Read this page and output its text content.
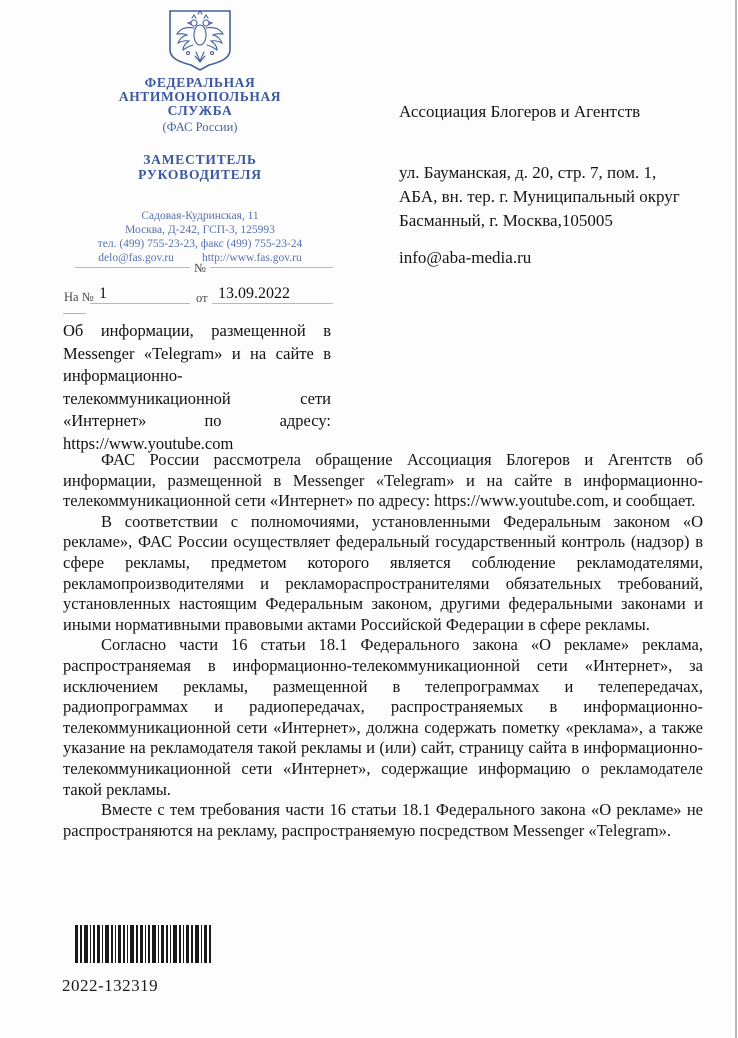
ФЕДЕРАЛЬНАЯ
АНТИМОНОПОЛЬНАЯ
СЛУЖБА
(ФАС России)
ЗАМЕСТИТЕЛЬ
РУКОВОДИТЕЛЯ
Садовая-Кудринская, 11
Москва, Д-242, ГСП-3, 125993
тел. (499) 755-23-23, факс (499) 755-23-24
delo@fas.gov.ru http://www.fas.gov.ru
Ассоциация Блогеров и Агентств
ул. Бауманская, д. 20, стр. 7, пом. 1,
АБА, вн. тер. г. Муниципальный округ
Басманный, г. Москва,105005
info@aba-media.ru
№
На № 1	от 13.09.2022
Об информации, размещенной в Messenger «Telegram» и на сайте в информационно-телекоммуникационной сети «Интернет» по адресу: https://www.youtube.com

ФАС России рассмотрела обращение Ассоциация Блогеров и Агентств об информации, размещенной в Messenger «Telegram» и на сайте в информационно-телекоммуникационной сети «Интернет» по адресу: https://www.youtube.com, и сообщает.

В соответствии с полномочиями, установленными Федеральным законом «О рекламе», ФАС России осуществляет федеральный государственный контроль (надзор) в сфере рекламы, предметом которого является соблюдение рекламодателями, рекламопроизводителями и рекламораспространителями обязательных требований, установленных настоящим Федеральным законом, другими федеральными законами и иными нормативными правовыми актами Российской Федерации в сфере рекламы.

Согласно части 16 статьи 18.1 Федерального закона «О рекламе» реклама, распространяемая в информационно-телекоммуникационной сети «Интернет», за исключением рекламы, размещенной в телепрограммах и телепередачах, радиопрограммах и радиопередачах, распространяемых в информационно-телекоммуникационной сети «Интернет», должна содержать пометку «реклама», а также указание на рекламодателя такой рекламы и (или) сайт, страницу сайта в информационно-телекоммуникационной сети «Интернет», содержащие информацию о рекламодателе такой рекламы.

Вместе с тем требования части 16 статьи 18.1 Федерального закона «О рекламе» не распространяются на рекламу, распространяемую посредством Messenger «Telegram».

2022-132319
